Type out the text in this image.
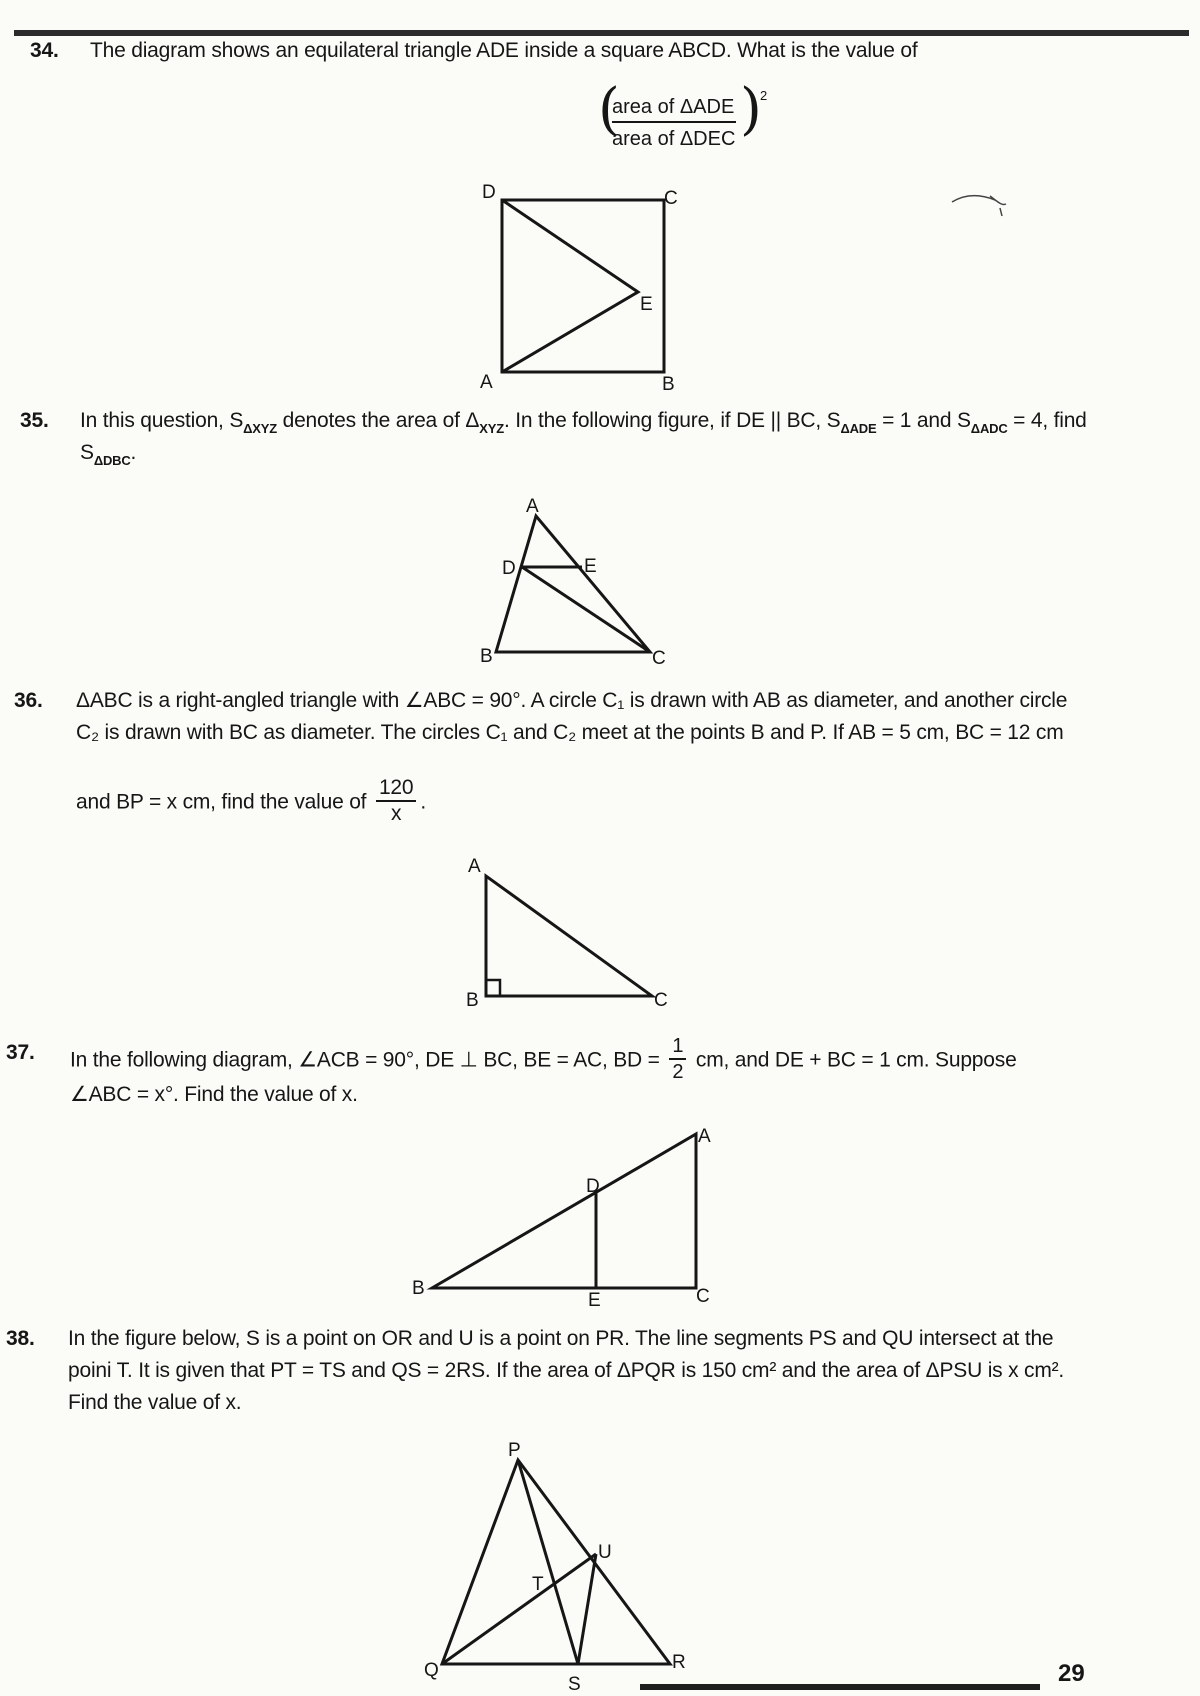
34. The diagram shows an equilateral triangle ADE inside a square ABCD. What is the value of
(
area of ΔADE
area of ΔDEC )
2
D	C
E
A	B
35. In this question, $S_{\Delta XYZ}$ denotes the area of $\Delta_{XYZ}$. In the following figure, if DE || BC, $S_{\Delta ADE} = 1$ and $S_{\Delta ADC} = 4$, find
$S_{\Delta DBC}$.
A
D	E
B	C
36. ΔABC is a right-angled triangle with ∠ABC = 90°. A circle C₁ is drawn with AB as diameter, and another circle
C₂ is drawn with BC as diameter. The circles C₁ and C₂ meet at the points B and P. If AB = 5 cm, BC = 12 cm
and BP = x cm, find the value of $\frac{120}{x}$ .
A
B	C
37. In the following diagram, ∠ACB = 90°, DE ⊥ BC, BE = AC, BD = $\frac{1}{2}$ cm, and DE + BC = 1 cm. Suppose
∠ABC = x°. Find the value of x.
A
D
B
E	C
38. In the figure below, S is a point on OR and U is a point on PR. The line segments PS and QU intersect at the
poini T. It is given that PT = TS and QS = 2RS. If the area of ΔPQR is 150 cm² and the area of ΔPSU is x cm².
Find the value of x.
P
U
T
Q
S
R	29
